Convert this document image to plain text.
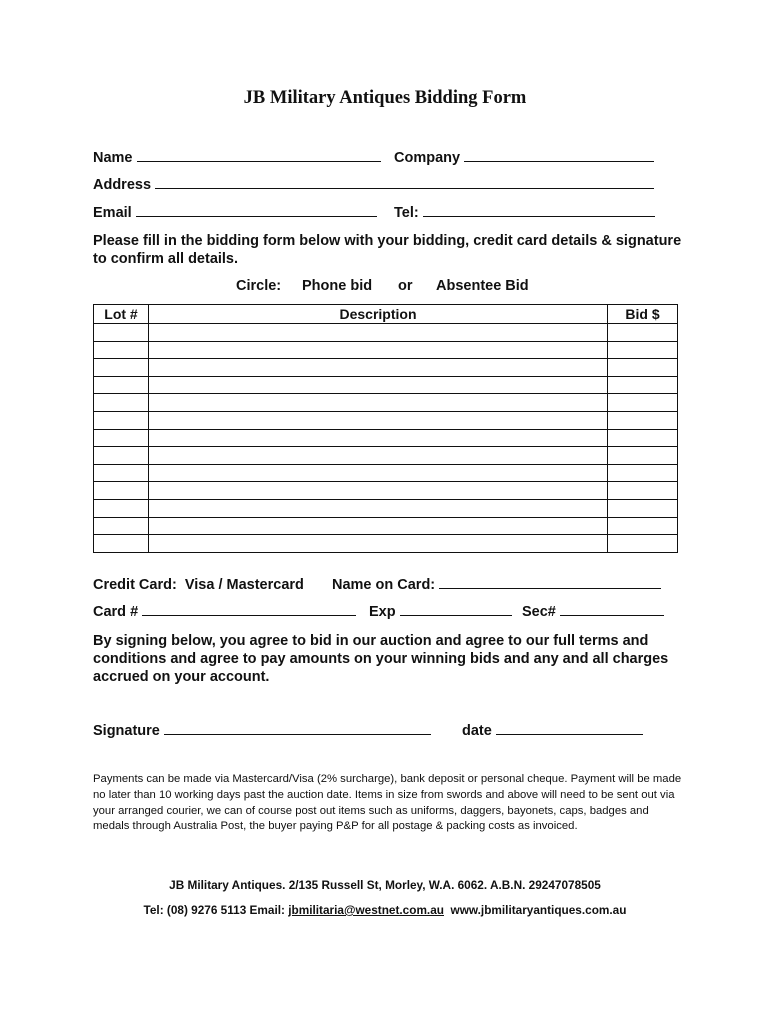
JB Military Antiques Bidding Form
Name	Company
Address
Email	Tel:
Please fill in the bidding form below with your bidding, credit card details & signature to confirm all details.
Circle: Phone bid or Absentee Bid
Lot #	Description	Bid $

Credit Card: Visa / Mastercard Name on Card:
Card #	Exp	Sec#
By signing below, you agree to bid in our auction and agree to our full terms and conditions and agree to pay amounts on your winning bids and any and all charges accrued on your account.
Signature	date
Payments can be made via Mastercard/Visa (2% surcharge), bank deposit or personal cheque. Payment will be made no later than 10 working days past the auction date. Items in size from swords and above will need to be sent out via your arranged courier, we can of course post out items such as uniforms, daggers, bayonets, caps, badges and medals through Australia Post, the buyer paying P&P for all postage & packing costs as invoiced.
JB Military Antiques. 2/135 Russell St, Morley, W.A. 6062. A.B.N. 29247078505
Tel: (08) 9276 5113 Email: jbmilitaria@westnet.com.au www.jbmilitaryantiques.com.au
